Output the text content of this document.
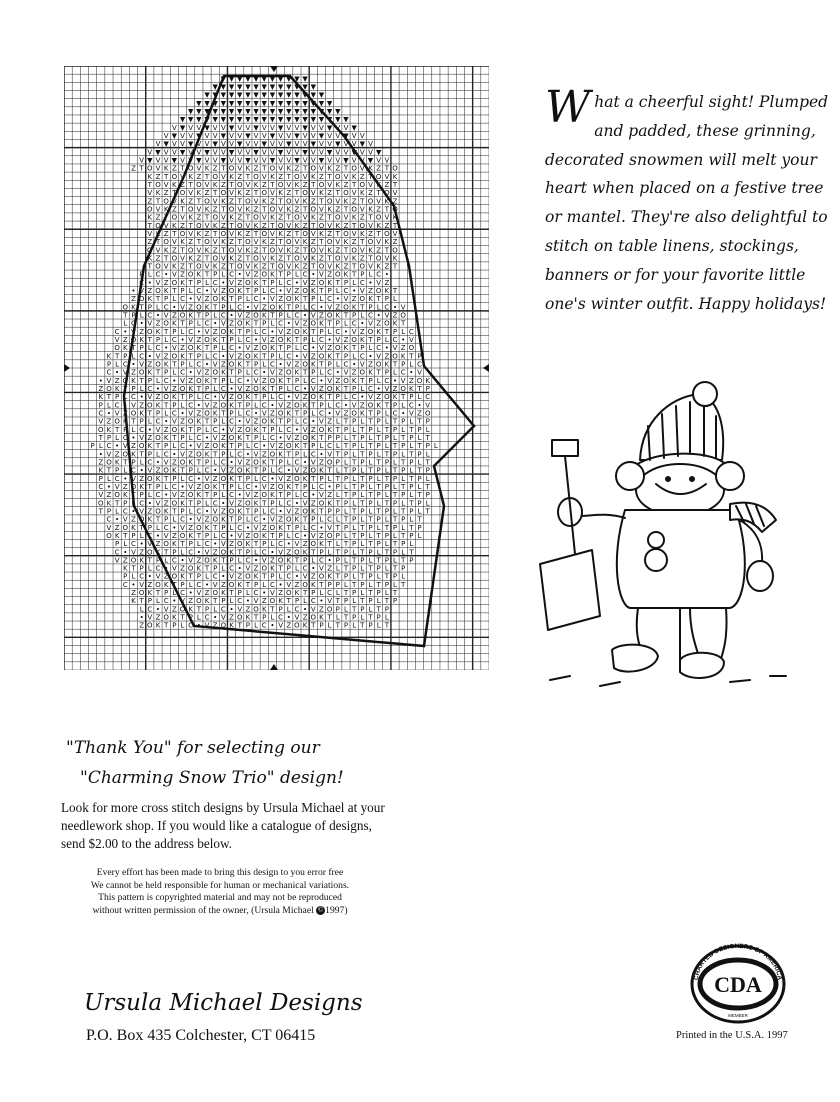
▼ ▼ ▼ ▼ ▼ ▼ ▼ ▼ ▼ ▼ ▼
▼ ▼ ▼ ▼ ▼ ▼ ▼ ▼ ▼ ▼ ▼ ▼ ▼
▼ ▼ ▼ ▼ ▼ ▼ ▼ ▼ ▼ ▼ ▼ ▼ ▼ ▼ ▼
▼ ▼ ▼ ▼ ▼ ▼ ▼ ▼ ▼ ▼ ▼ ▼ ▼ ▼ ▼ ▼ ▼
▼ ▼ ▼ ▼ ▼ ▼ ▼ ▼ ▼ ▼ ▼ ▼ ▼ ▼ ▼ ▼ ▼ ▼ ▼
▼ ▼ ▼ ▼ ▼ ▼ ▼ ▼ ▼ ▼ ▼ ▼ ▼ ▼ ▼ ▼ ▼ ▼ ▼ ▼ ▼
V ▼ V V ▼ V V ▼ V V ▼ V V ▼ V V ▼ V V ▼ V V ▼
V ▼ V V ▼ V V ▼ V V ▼ V V ▼ V V ▼ V V ▼ V V ▼ V V
V ▼ V V ▼ V V ▼ V V ▼ V V ▼ V V ▼ V V ▼ V V ▼ V V ▼ V
V ▼ V V ▼ V V ▼ V V ▼ V V ▼ V V ▼ V V ▼ V V ▼ V V ▼ V V ▼
V ▼ V V ▼ V V ▼ V V ▼ V V ▼ V V ▼ V V ▼ V V ▼ V V ▼ V V ▼ V V
Z T O V K Z T O V K Z T O V K Z T O V K Z T O V K Z T O V K Z T O
K Z T O V K Z T O V K Z T O V K Z T O V K Z T O V K Z T O V K
T O V K Z T O V K Z T O V K Z T O V K Z T O V K Z T O V K Z T
V K Z T O V K Z T O V K Z T O V K Z T O V K Z T O V K Z T O V
Z T O V K Z T O V K Z T O V K Z T O V K Z T O V K Z T O V K Z
O V K Z T O V K Z T O V K Z T O V K Z T O V K Z T O V K Z T O
K Z T O V K Z T O V K Z T O V K Z T O V K Z T O V K Z T O V K
T O V K Z T O V K Z T O V K Z T O V K Z T O V K Z T O V K Z T
V K Z T O V K Z T O V K Z T O V K Z T O V K Z T O V K Z T O V
Z T O V K Z T O V K Z T O V K Z T O V K Z T O V K Z T O V K Z
O V K Z T O V K Z T O V K Z T O V K Z T O V K Z T O V K Z T O
K Z T O V K Z T O V K Z T O V K Z T O V K Z T O V K Z T O V K
T O V K Z T O V K Z T O V K Z T O V K Z T O V K Z T O V K Z T
P L C • V Z O K T P L C • V Z O K T P L C • V Z O K T P L C •
C • V Z O K T P L C • V Z O K T P L C • V Z O K T P L C • V Z
• V Z O K T P L C • V Z O K T P L C • V Z O K T P L C • V Z O K T
Z O K T P L C • V Z O K T P L C • V Z O K T P L C • V Z O K T P L
O K T P L C • V Z O K T P L C • V Z O K T P L C • V Z O K T P L C • V
T P L C • V Z O K T P L C • V Z O K T P L C • V Z O K T P L C • V Z O
L C • V Z O K T P L C • V Z O K T P L C • V Z O K T P L C • V Z O K T
C • V Z O K T P L C • V Z O K T P L C • V Z O K T P L C • V Z O K T P L C
V Z O K T P L C • V Z O K T P L C • V Z O K T P L C • V Z O K T P L C • V
O K T P L C • V Z O K T P L C • V Z O K T P L C • V Z O K T P L C • V Z O
K T P L C • V Z O K T P L C • V Z O K T P L C • V Z O K T P L C • V Z O K T P
P L C • V Z O K T P L C • V Z O K T P L C • V Z O K T P L C • V Z O K T P L C
C • V Z O K T P L C • V Z O K T P L C • V Z O K T P L C • V Z O K T P L C • V
• V Z O K T P L C • V Z O K T P L C • V Z O K T P L C • V Z O K T P L C • V Z O K
Z O K T P L C • V Z O K T P L C • V Z O K T P L C • V Z O K T P L C • V Z O K T P
K T P L C • V Z O K T P L C • V Z O K T P L C • V Z O K T P L C • V Z O K T P L C
P L C • V Z O K T P L C • V Z O K T P L C • V Z O K T P L C • V Z O K T P L C • V
C • V Z O K T P L C • V Z O K T P L C • V Z O K T P L C • V Z O K T P L C • V Z O
V Z O K T P L C • V Z O K T P L C • V Z O K T P L C • V Z L T P L T P L T P L T P
O K T P L C • V Z O K T P L C • V Z O K T P L C • V Z O K T P L T P L T P L T P L
T P L C • V Z O K T P L C • V Z O K T P L C • V Z O K T P P L T P L T P L T P L T
P L C • V Z O K T P L C • V Z O K T P L C • V Z O K T P L C L T P L T P L T P L T P L
• V Z O K T P L C • V Z O K T P L C • V Z O K T P L C • V T P L T P L T P L T P L
Z O K T P L C • V Z O K T P L C • V Z O K T P L C • V Z O P L T P L T P L T P L T
K T P L C • V Z O K T P L C • V Z O K T P L C • V Z O K T L T P L T P L T P L T P
P L C • V Z O K T P L C • V Z O K T P L C • V Z O K T P L T P L T P L T P L T P L
C • V Z O K T P L C • V Z O K T P L C • V Z O K T P L C • P L T P L T P L T P L T
V Z O K T P L C • V Z O K T P L C • V Z O K T P L C • V Z L T P L T P L T P L T P
O K T P L C • V Z O K T P L C • V Z O K T P L C • V Z O K T P L T P L T P L T P L
T P L C • V Z O K T P L C • V Z O K T P L C • V Z O K T P P L T P L T P L T P L T
C • V Z O K T P L C • V Z O K T P L C • V Z O K T P L C L T P L T P L T P L T
V Z O K T P L C • V Z O K T P L C • V Z O K T P L C • V T P L T P L T P L T P
O K T P L C • V Z O K T P L C • V Z O K T P L C • V Z O P L T P L T P L T P L
P L C • V Z O K T P L C • V Z O K T P L C • V Z O K T L T P L T P L T P L
C • V Z O K T P L C • V Z O K T P L C • V Z O K T P L T P L T P L T P L T
V Z O K T P L C • V Z O K T P L C • V Z O K T P L C • P L T P L T P L T P
K T P L C • V Z O K T P L C • V Z O K T P L C • V Z L T P L T P L T P
P L C • V Z O K T P L C • V Z O K T P L C • V Z O K T P L T P L T P L
C • V Z O K T P L C • V Z O K T P L C • V Z O K T P P L T P L T P L T
Z O K T P L C • V Z O K T P L C • V Z O K T P L C L T P L T P L T
K T P L C • V Z O K T P L C • V Z O K T P L C • V T P L T P L T P
L C • V Z O K T P L C • V Z O K T P L C • V Z O P L T P L T P
• V Z O K T P L C • V Z O K T P L C • V Z O K T L T P L T P L
Z O K T P L C • V Z O K T P L C • V Z O K T P L T P L T P L T
W hat a cheerful sight! Plumped and padded, these grinning, decorated snowmen will melt your heart when placed on a festive tree or mantel. They're also delightful to stitch on table linens, stockings, banners or for your favorite little one's winter outfit. Happy holidays!
"Thank You" for selecting our
"Charming Snow Trio" design!
Look for more cross stitch designs by Ursula Michael at your needlework shop. If you would like a catalogue of designs, send $2.00 to the address below.
Every effort has been made to bring this design to you error free
We cannot be held responsible for human or mechanical variations.
This pattern is copyrighted material and may not be reproduced
without written permission of the owner, (Ursula Michael © 1997)
Ursula Michael Designs
P.O. Box 435 Colchester, CT 06415
CHARTED DESIGNERS OF AMERICA
CDA
MEMBER
Printed in the U.S.A. 1997
